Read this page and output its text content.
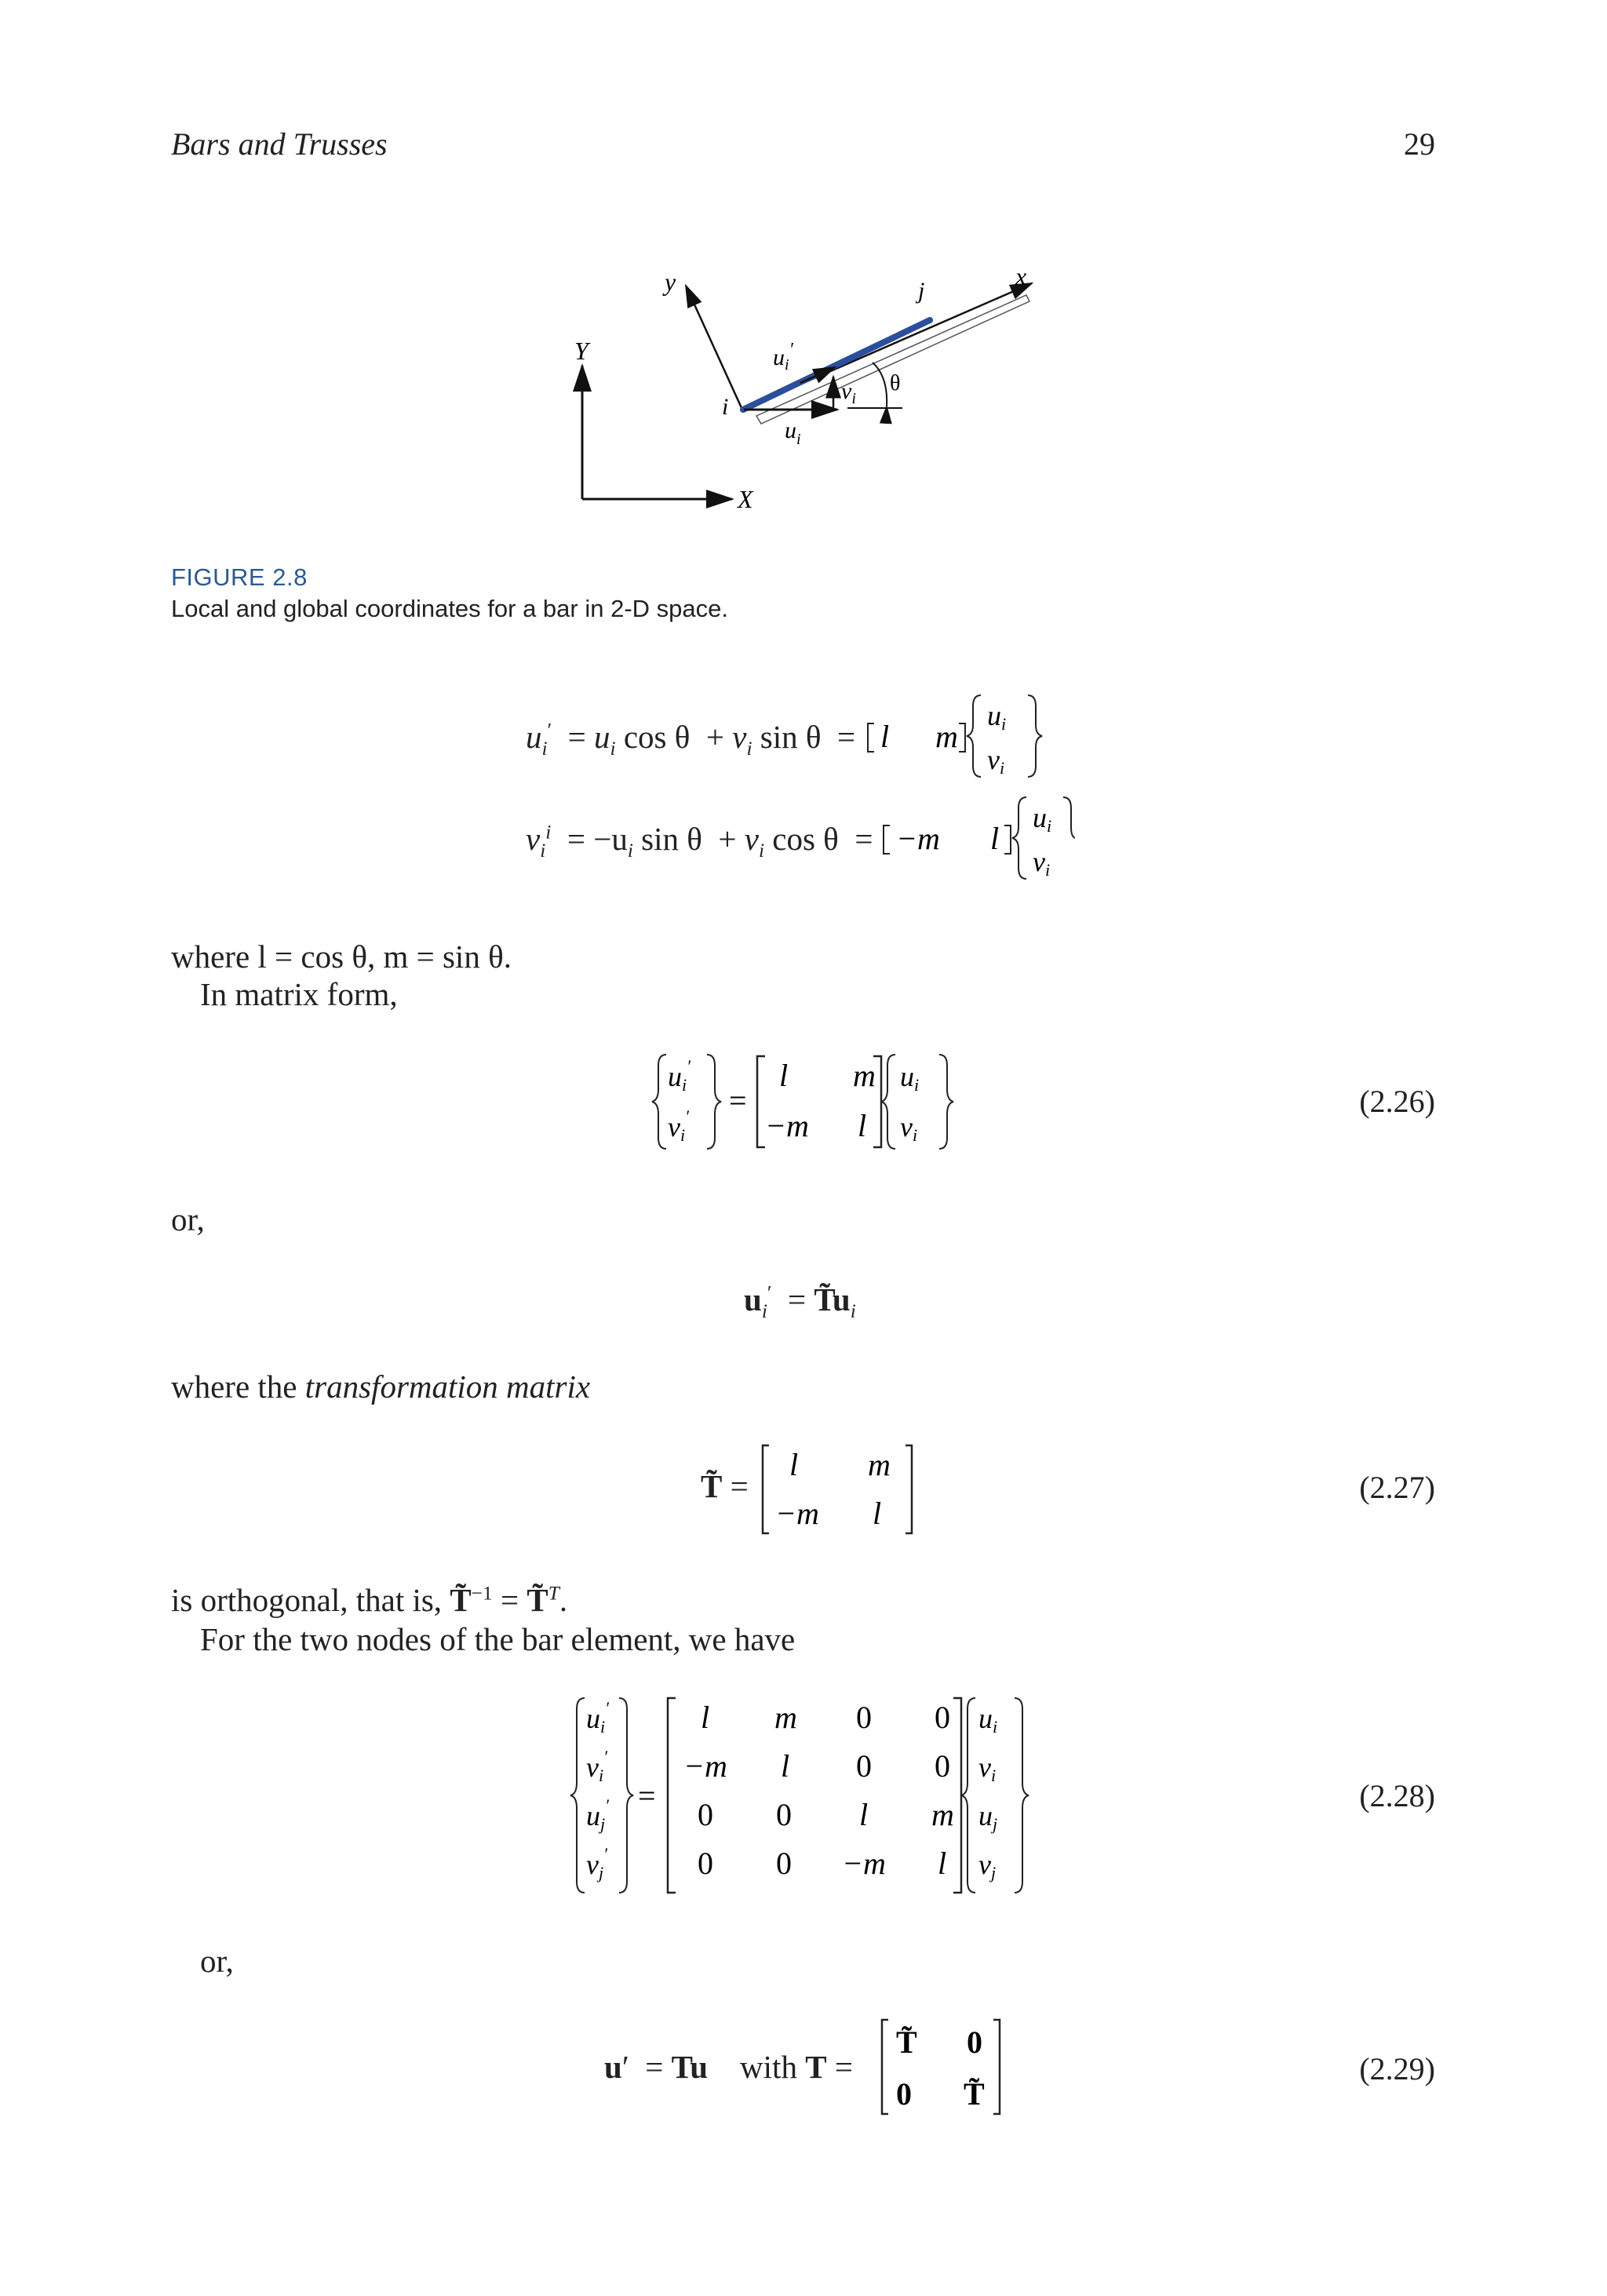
Bars and Trusses	29
X
Y
x
y
i
j
$u_i'$
$v_i$
$u_i$
θ
FIGURE 2.8
Local and global coordinates for a bar in 2-D space.
$u_i' = u_i$ $\cos \theta + v_i$ sin θ = l m
ui
vi
$v_i^i = -u_i$ $\sin \theta + v_i$ cos θ = −m l
ui
vi
where l = cos θ, m = sin θ.
In matrix form,
ui′
vi′ =
l m
−m l
ui
vi
(2.26)
or,
$u_i'$ = $T̃u_i$
where the transformation matrix
T̃ =
l m
−m l
(2.27)
is orthogonal, that is, T̃$^{-1}$ = T̃$^T$.
For the two nodes of the bar element, we have
ui′
vi′
uj′
vj′
=
l m 0 0
−m l 0 0
0 0 l m
0 0 −m l
ui
vi
uj
vj
(2.28)
or,
u′ = Tu with T =
T̃ 0
0 T̃
(2.29)
